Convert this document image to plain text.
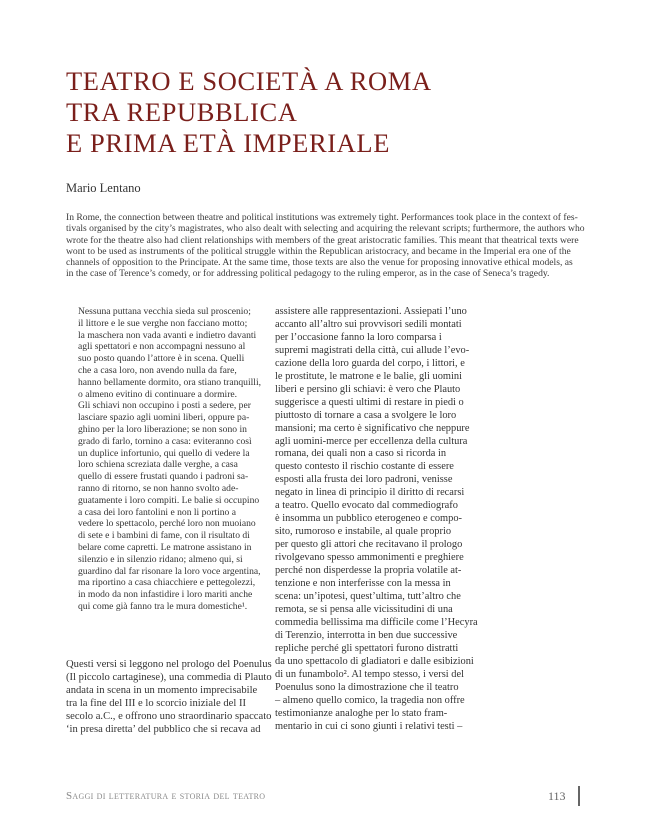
TEATRO E SOCIETÀ A ROMA
TRA REPUBBLICA
E PRIMA ETÀ IMPERIALE
Mario Lentano
In Rome, the connection between theatre and political institutions was extremely tight. Performances took place in the context of fes-
tivals organised by the city’s magistrates, who also dealt with selecting and acquiring the relevant scripts; furthermore, the authors who
wrote for the theatre also had client relationships with members of the great aristocratic families. This meant that theatrical texts were
wont to be used as instruments of the political struggle within the Republican aristocracy, and became in the Imperial era one of the
channels of opposition to the Principate. At the same time, those texts are also the venue for proposing innovative ethical models, as
in the case of Terence’s comedy, or for addressing political pedagogy to the ruling emperor, as in the case of Seneca’s tragedy.
Nessuna puttana vecchia sieda sul proscenio;
il littore e le sue verghe non facciano motto;
la maschera non vada avanti e indietro davanti
agli spettatori e non accompagni nessuno al
suo posto quando l’attore è in scena. Quelli
che a casa loro, non avendo nulla da fare,
hanno bellamente dormito, ora stiano tranquilli,
o almeno evitino di continuare a dormire.
Gli schiavi non occupino i posti a sedere, per
lasciare spazio agli uomini liberi, oppure pa-
ghino per la loro liberazione; se non sono in
grado di farlo, tornino a casa: eviteranno così
un duplice infortunio, qui quello di vedere la
loro schiena screziata dalle verghe, a casa
quello di essere frustati quando i padroni sa-
ranno di ritorno, se non hanno svolto ade-
guatamente i loro compiti. Le balie si occupino
a casa dei loro fantolini e non li portino a
vedere lo spettacolo, perché loro non muoiano
di sete e i bambini di fame, con il risultato di
belare come capretti. Le matrone assistano in
silenzio e in silenzio ridano; almeno qui, si
guardino dal far risonare la loro voce argentina,
ma riportino a casa chiacchiere e pettegolezzi,
in modo da non infastidire i loro mariti anche
qui come già fanno tra le mura domestiche¹.
Questi versi si leggono nel prologo del Poenulus
(Il piccolo cartaginese), una commedia di Plauto
andata in scena in un momento imprecisabile
tra la fine del III e lo scorcio iniziale del II
secolo a.C., e offrono uno straordinario spaccato
‘in presa diretta’ del pubblico che si recava ad
assistere alle rappresentazioni. Assiepati l’uno
accanto all’altro sui provvisori sedili montati
per l’occasione fanno la loro comparsa i
supremi magistrati della città, cui allude l’evo-
cazione della loro guarda del corpo, i littori, e
le prostitute, le matrone e le balie, gli uomini
liberi e persino gli schiavi: è vero che Plauto
suggerisce a questi ultimi di restare in piedi o
piuttosto di tornare a casa a svolgere le loro
mansioni; ma certo è significativo che neppure
agli uomini-merce per eccellenza della cultura
romana, dei quali non a caso si ricorda in
questo contesto il rischio costante di essere
esposti alla frusta dei loro padroni, venisse
negato in linea di principio il diritto di recarsi
a teatro. Quello evocato dal commediografo
è insomma un pubblico eterogeneo e compo-
sito, rumoroso e instabile, al quale proprio
per questo gli attori che recitavano il prologo
rivolgevano spesso ammonimenti e preghiere
perché non disperdesse la propria volatile at-
tenzione e non interferisse con la messa in
scena: un’ipotesi, quest’ultima, tutt’altro che
remota, se si pensa alle vicissitudini di una
commedia bellissima ma difficile come l’Hecyra
di Terenzio, interrotta in ben due successive
repliche perché gli spettatori furono distratti
da uno spettacolo di gladiatori e dalle esibizioni
di un funambolo². Al tempo stesso, i versi del
Poenulus sono la dimostrazione che il teatro
– almeno quello comico, la tragedia non offre
testimonianze analoghe per lo stato fram-
mentario in cui ci sono giunti i relativi testi –
Saggi di letteratura e storia del teatro	113
